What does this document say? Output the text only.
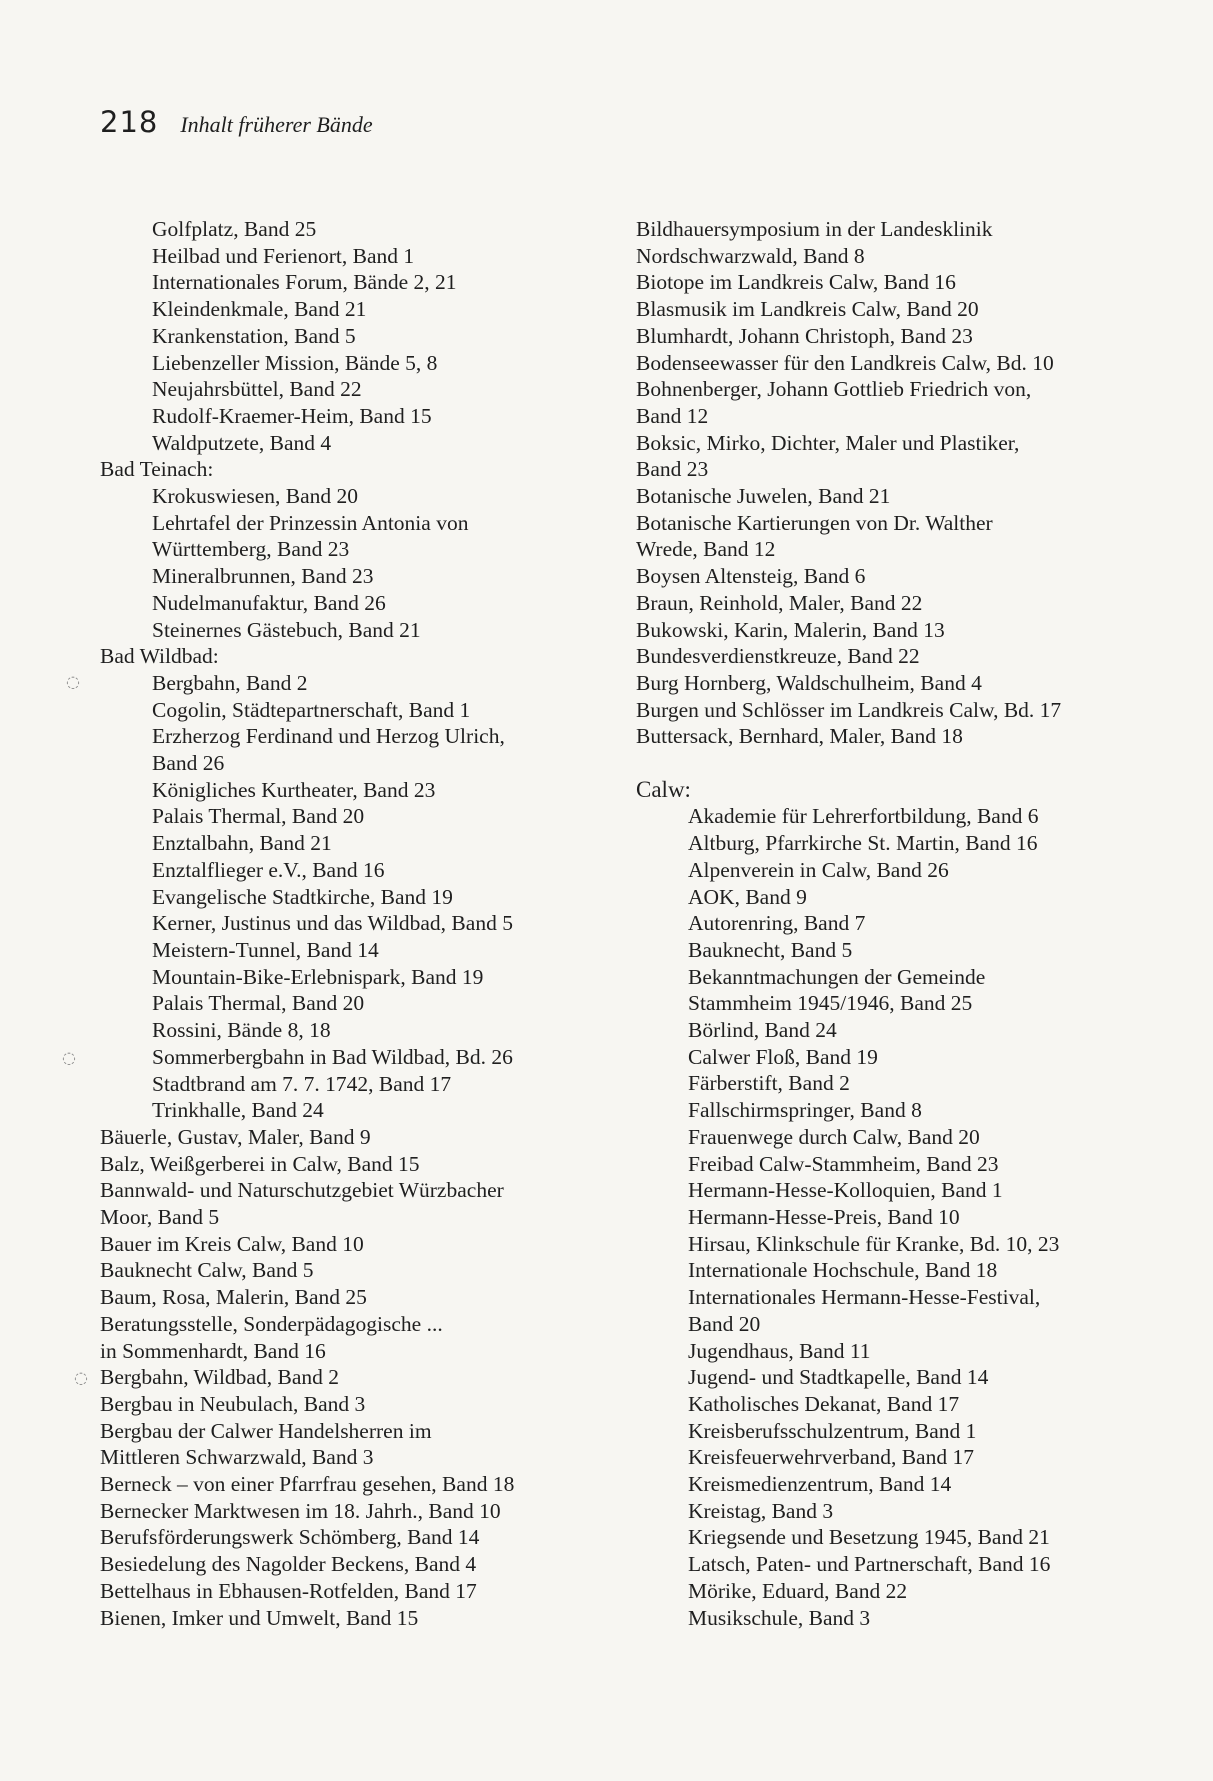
218 Inhalt früherer Bände
Golfplatz, Band 25
Heilbad und Ferienort, Band 1
Internationales Forum, Bände 2, 21
Kleindenkmale, Band 21
Krankenstation, Band 5
Liebenzeller Mission, Bände 5, 8
Neujahrsbüttel, Band 22
Rudolf-Kraemer-Heim, Band 15
Waldputzete, Band 4
Bad Teinach:
Krokuswiesen, Band 20
Lehrtafel der Prinzessin Antonia von
Württemberg, Band 23
Mineralbrunnen, Band 23
Nudelmanufaktur, Band 26
Steinernes Gästebuch, Band 21
Bad Wildbad:
Bergbahn, Band 2
Cogolin, Städtepartnerschaft, Band 1
Erzherzog Ferdinand und Herzog Ulrich,
Band 26
Königliches Kurtheater, Band 23
Palais Thermal, Band 20
Enztalbahn, Band 21
Enztalflieger e.V., Band 16
Evangelische Stadtkirche, Band 19
Kerner, Justinus und das Wildbad, Band 5
Meistern-Tunnel, Band 14
Mountain-Bike-Erlebnispark, Band 19
Palais Thermal, Band 20
Rossini, Bände 8, 18
Sommerbergbahn in Bad Wildbad, Bd. 26
Stadtbrand am 7. 7. 1742, Band 17
Trinkhalle, Band 24
Bäuerle, Gustav, Maler, Band 9
Balz, Weißgerberei in Calw, Band 15
Bannwald- und Naturschutzgebiet Würzbacher
Moor, Band 5
Bauer im Kreis Calw, Band 10
Bauknecht Calw, Band 5
Baum, Rosa, Malerin, Band 25
Beratungsstelle, Sonderpädagogische ...
in Sommenhardt, Band 16
Bergbahn, Wildbad, Band 2
Bergbau in Neubulach, Band 3
Bergbau der Calwer Handelsherren im
Mittleren Schwarzwald, Band 3
Berneck – von einer Pfarrfrau gesehen, Band 18
Bernecker Marktwesen im 18. Jahrh., Band 10
Berufsförderungswerk Schömberg, Band 14
Besiedelung des Nagolder Beckens, Band 4
Bettelhaus in Ebhausen-Rotfelden, Band 17
Bienen, Imker und Umwelt, Band 15
Bildhauersymposium in der Landesklinik
Nordschwarzwald, Band 8
Biotope im Landkreis Calw, Band 16
Blasmusik im Landkreis Calw, Band 20
Blumhardt, Johann Christoph, Band 23
Bodenseewasser für den Landkreis Calw, Bd. 10
Bohnenberger, Johann Gottlieb Friedrich von,
Band 12
Boksic, Mirko, Dichter, Maler und Plastiker,
Band 23
Botanische Juwelen, Band 21
Botanische Kartierungen von Dr. Walther
Wrede, Band 12
Boysen Altensteig, Band 6
Braun, Reinhold, Maler, Band 22
Bukowski, Karin, Malerin, Band 13
Bundesverdienstkreuze, Band 22
Burg Hornberg, Waldschulheim, Band 4
Burgen und Schlösser im Landkreis Calw, Bd. 17
Buttersack, Bernhard, Maler, Band 18
Calw:
Akademie für Lehrerfortbildung, Band 6
Altburg, Pfarrkirche St. Martin, Band 16
Alpenverein in Calw, Band 26
AOK, Band 9
Autorenring, Band 7
Bauknecht, Band 5
Bekanntmachungen der Gemeinde
Stammheim 1945/1946, Band 25
Börlind, Band 24
Calwer Floß, Band 19
Färberstift, Band 2
Fallschirmspringer, Band 8
Frauenwege durch Calw, Band 20
Freibad Calw-Stammheim, Band 23
Hermann-Hesse-Kolloquien, Band 1
Hermann-Hesse-Preis, Band 10
Hirsau, Klinkschule für Kranke, Bd. 10, 23
Internationale Hochschule, Band 18
Internationales Hermann-Hesse-Festival,
Band 20
Jugendhaus, Band 11
Jugend- und Stadtkapelle, Band 14
Katholisches Dekanat, Band 17
Kreisberufsschulzentrum, Band 1
Kreisfeuerwehrverband, Band 17
Kreismedienzentrum, Band 14
Kreistag, Band 3
Kriegsende und Besetzung 1945, Band 21
Latsch, Paten- und Partnerschaft, Band 16
Mörike, Eduard, Band 22
Musikschule, Band 3
◌
◌
◌
